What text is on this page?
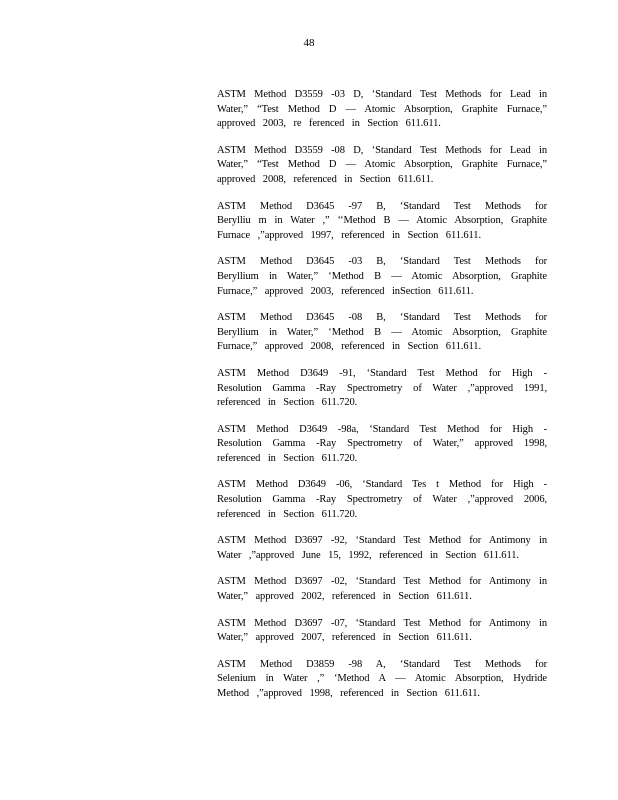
48
ASTM Method D3559 -03 D, ‘Standard Test Methods for Lead in
Water,” “Test Method D — Atomic Absorption, Graphite Furnace,”
approved 2003, re ferenced in Section 611.611.
ASTM Method D3559 -08 D, ‘Standard Test Methods for Lead in
Water,” “Test Method D — Atomic Absorption, Graphite Furnace,”
approved 2008, referenced in Section 611.611.
ASTM Method D3645 -97 B, ‘Standard Test Methods for
Berylliu m in Water ,” ‘‘Method B — Atomic Absorption, Graphite
Furnace ,”approved 1997, referenced in Section 611.611.
ASTM Method D3645 -03 B, ‘Standard Test Methods for
Beryllium in Water,” ‘Method B — Atomic Absorption, Graphite
Furnace,” approved 2003, referenced inSection 611.611.
ASTM Method D3645 -08 B, ‘Standard Test Methods for
Beryllium in Water,” ‘Method B — Atomic Absorption, Graphite
Furnace,” approved 2008, referenced in Section 611.611.
ASTM Method D3649 -91, ‘Standard Test Method for High -
Resolution Gamma -Ray Spectrometry of Water ,”approved 1991,
referenced in Section 611.720.
ASTM Method D3649 -98a, ‘Standard Test Method for High -
Resolution Gamma -Ray Spectrometry of Water,” approved 1998,
referenced in Section 611.720.
ASTM Method D3649 -06, ‘Standard Tes t Method for High -
Resolution Gamma -Ray Spectrometry of Water ,”approved 2006,
referenced in Section 611.720.
ASTM Method D3697 -92, ‘Standard Test Method for Antimony in
Water ,”approved June 15, 1992, referenced in Section 611.611.
ASTM Method D3697 -02, ‘Standard Test Method for Antimony in
Water,” approved 2002, referenced in Section 611.611.
ASTM Method D3697 -07, ‘Standard Test Method for Antimony in
Water,” approved 2007, referenced in Section 611.611.
ASTM Method D3859 -98 A, ‘Standard Test Methods for
Selenium in Water ,” ‘Method A — Atomic Absorption, Hydride
Method ,”approved 1998, referenced in Section 611.611.
